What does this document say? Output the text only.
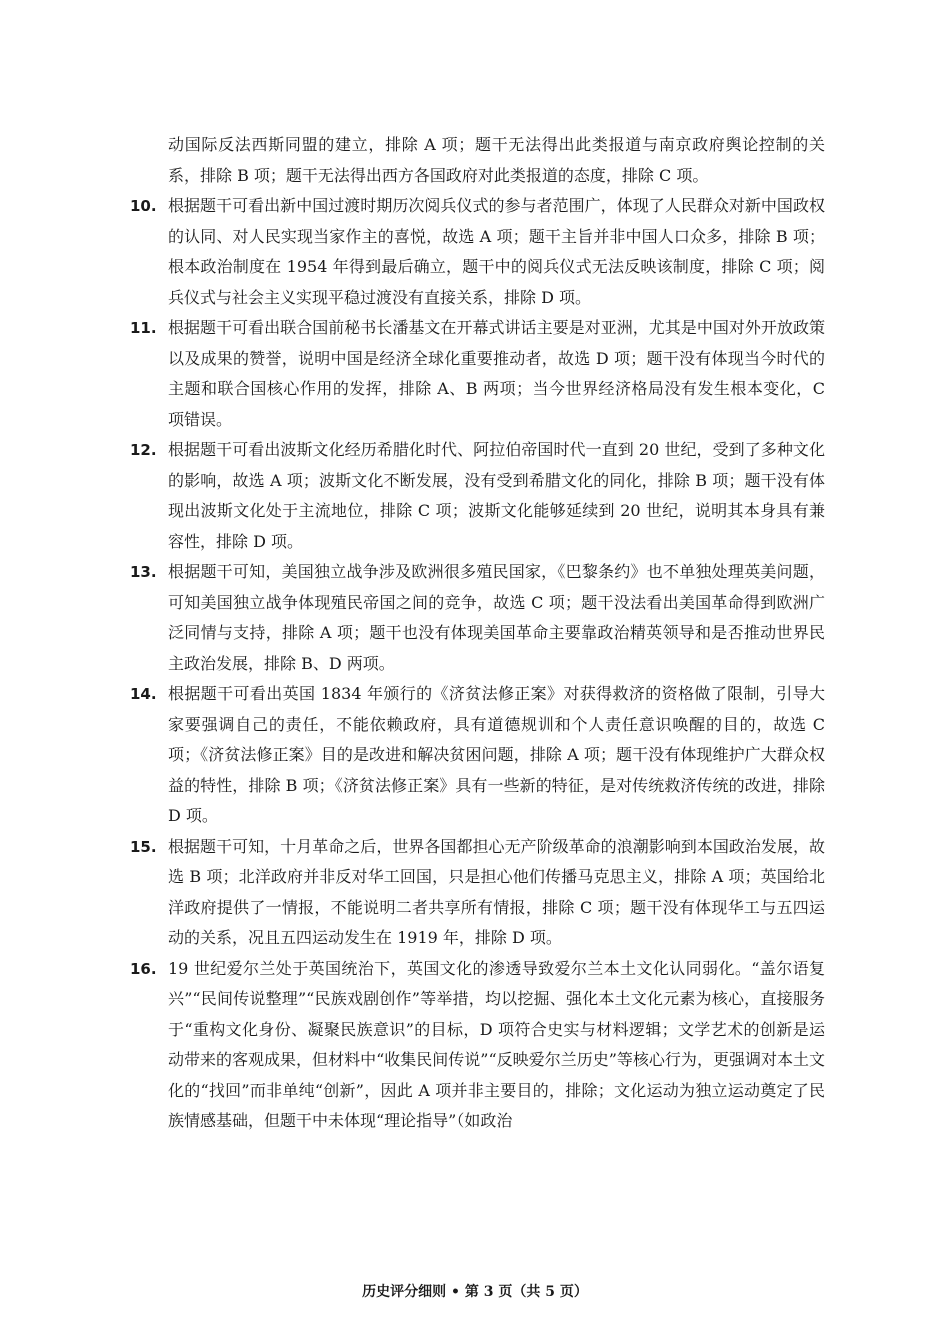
动国际反法西斯同盟的建立，排除 A 项；题干无法得出此类报道与南京政府舆论控制的关系，排除 B 项；题干无法得出西方各国政府对此类报道的态度，排除 C 项。
10. 根据题干可看出新中国过渡时期历次阅兵仪式的参与者范围广，体现了人民群众对新中国政权的认同、对人民实现当家作主的喜悦，故选 A 项；题干主旨并非中国人口众多，排除 B 项；根本政治制度在 1954 年得到最后确立，题干中的阅兵仪式无法反映该制度，排除 C 项；阅兵仪式与社会主义实现平稳过渡没有直接关系，排除 D 项。
11. 根据题干可看出联合国前秘书长潘基文在开幕式讲话主要是对亚洲，尤其是中国对外开放政策以及成果的赞誉，说明中国是经济全球化重要推动者，故选 D 项；题干没有体现当今时代的主题和联合国核心作用的发挥，排除 A、B 两项；当今世界经济格局没有发生根本变化，C 项错误。
12. 根据题干可看出波斯文化经历希腊化时代、阿拉伯帝国时代一直到 20 世纪，受到了多种文化的影响，故选 A 项；波斯文化不断发展，没有受到希腊文化的同化，排除 B 项；题干没有体现出波斯文化处于主流地位，排除 C 项；波斯文化能够延续到 20 世纪，说明其本身具有兼容性，排除 D 项。
13. 根据题干可知，美国独立战争涉及欧洲很多殖民国家，《巴黎条约》也不单独处理英美问题，可知美国独立战争体现殖民帝国之间的竞争，故选 C 项；题干没法看出美国革命得到欧洲广泛同情与支持，排除 A 项；题干也没有体现美国革命主要靠政治精英领导和是否推动世界民主政治发展，排除 B、D 两项。
14. 根据题干可看出英国 1834 年颁行的《济贫法修正案》对获得救济的资格做了限制，引导大家要强调自己的责任，不能依赖政府，具有道德规训和个人责任意识唤醒的目的，故选 C 项；《济贫法修正案》目的是改进和解决贫困问题，排除 A 项；题干没有体现维护广大群众权益的特性，排除 B 项；《济贫法修正案》具有一些新的特征，是对传统救济传统的改进，排除 D 项。
15. 根据题干可知，十月革命之后，世界各国都担心无产阶级革命的浪潮影响到本国政治发展，故选 B 项；北洋政府并非反对华工回国，只是担心他们传播马克思主义，排除 A 项；英国给北洋政府提供了一情报，不能说明二者共享所有情报，排除 C 项；题干没有体现华工与五四运动的关系，况且五四运动发生在 1919 年，排除 D 项。
16. 19 世纪爱尔兰处于英国统治下，英国文化的渗透导致爱尔兰本土文化认同弱化。“盖尔语复兴”“民间传说整理”“民族戏剧创作”等举措，均以挖掘、强化本土文化元素为核心，直接服务于“重构文化身份、凝聚民族意识”的目标，D 项符合史实与材料逻辑；文学艺术的创新是运动带来的客观成果，但材料中“收集民间传说”“反映爱尔兰历史”等核心行为，更强调对本土文化的“找回”而非单纯“创新”，因此 A 项并非主要目的，排除；文化运动为独立运动奠定了民族情感基础，但题干中未体现“理论指导”（如政治
历史评分细则 • 第 3 页（共 5 页）
